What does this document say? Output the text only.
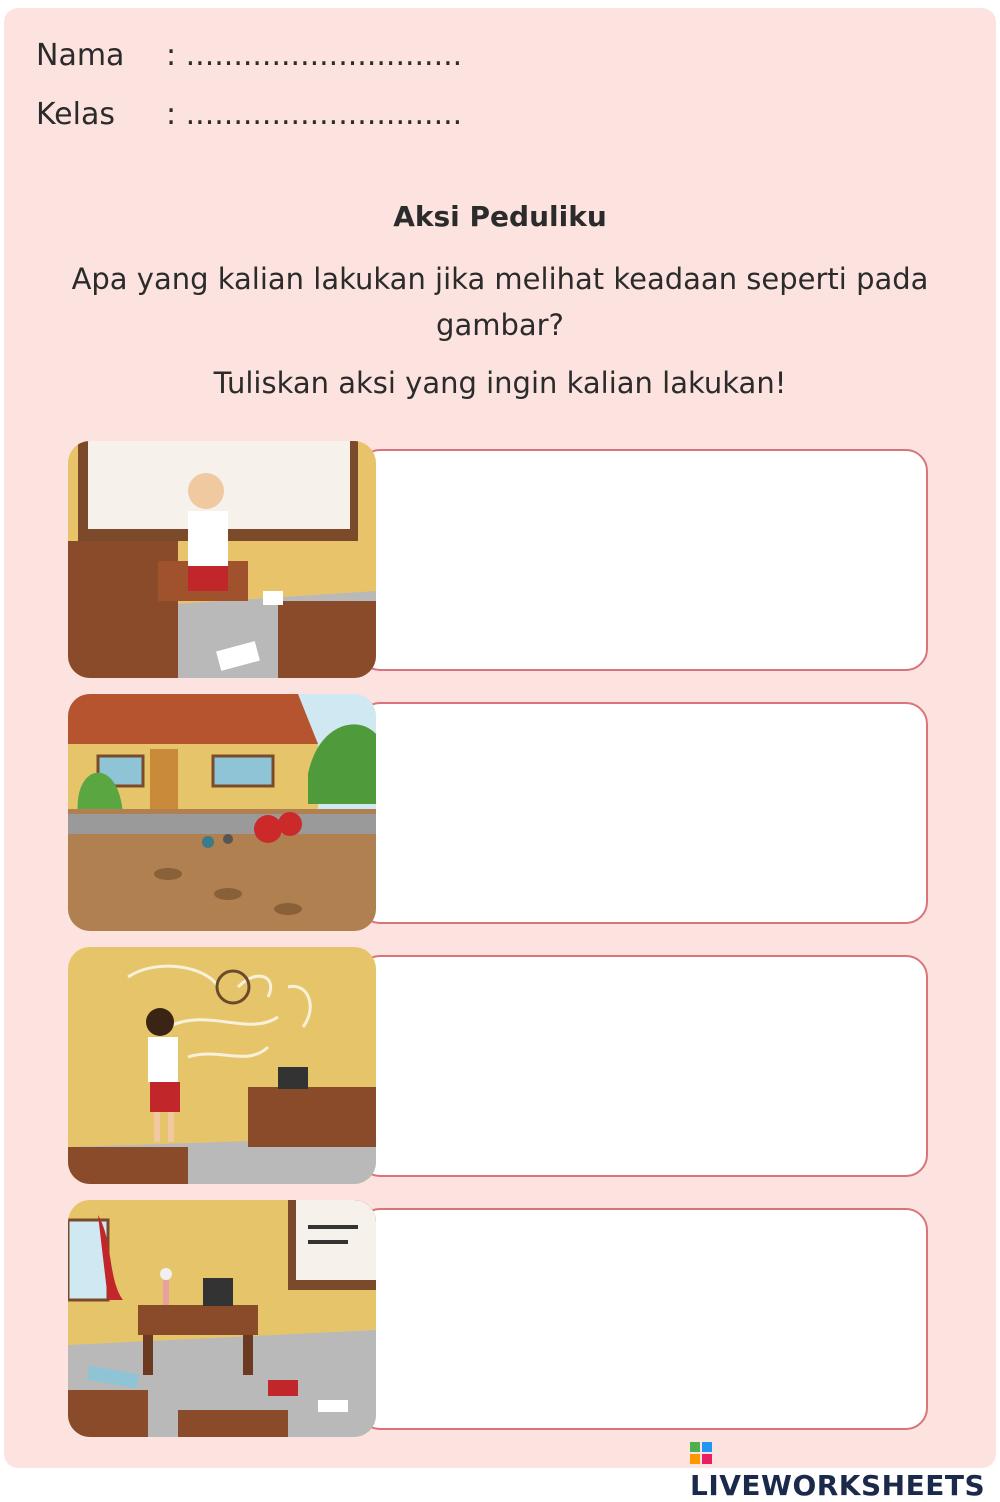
Nama : .............................
Kelas : .............................
Aksi Peduliku
Apa yang kalian lakukan jika melihat keadaan seperti pada gambar?
Tuliskan aksi yang ingin kalian lakukan!
LIVEWORKSHEETS
